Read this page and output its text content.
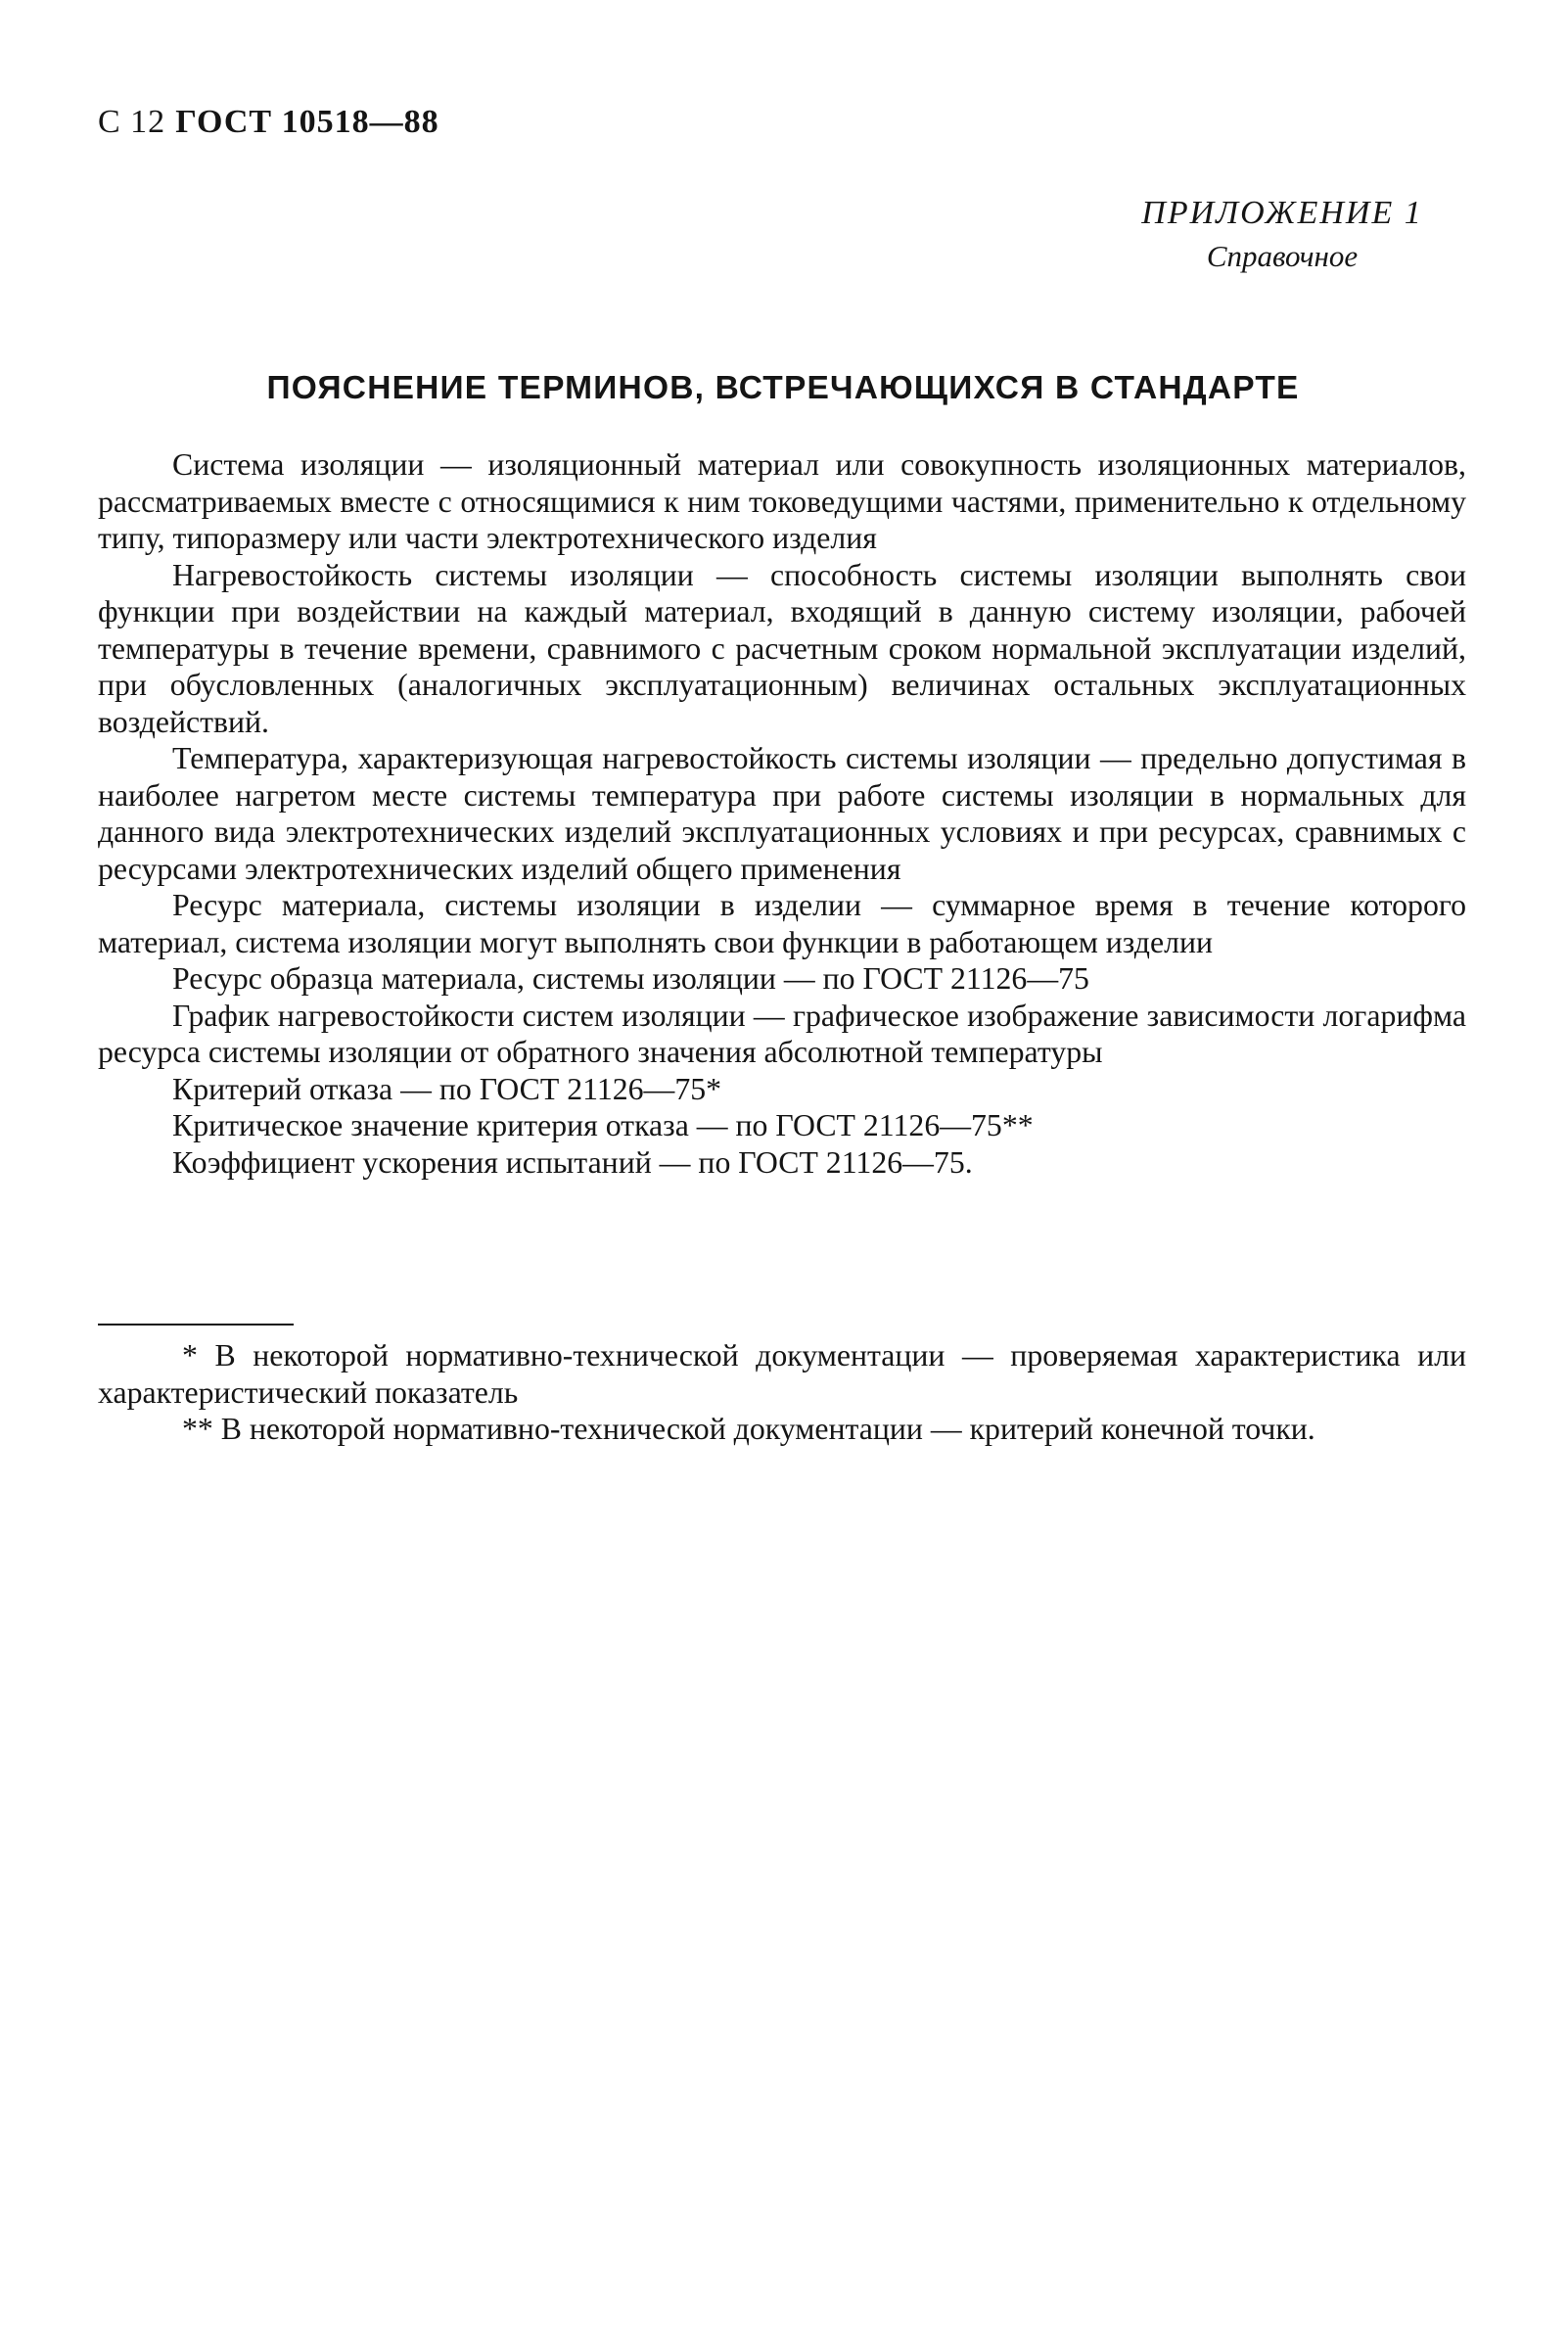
С 12 ГОСТ 10518—88
ПРИЛОЖЕНИЕ 1
Справочное
ПОЯСНЕНИЕ ТЕРМИНОВ, ВСТРЕЧАЮЩИХСЯ В СТАНДАРТЕ

Система изоляции — изоляционный материал или совокупность изоляционных материалов, рассматриваемых вместе с относящимися к ним токоведущими частями, применительно к отдельному типу, типоразмеру или части электротехнического изделия

Нагревостойкость системы изоляции — способность системы изоляции выполнять свои функции при воздействии на каждый материал, входящий в данную систему изоляции, рабочей температуры в течение времени, сравнимого с расчетным сроком нормальной эксплуатации изделий, при обусловленных (аналогичных эксплуатационным) величинах остальных эксплуатационных воздействий.

Температура, характеризующая нагревостойкость системы изоляции — предельно допустимая в наиболее нагретом месте системы температура при работе системы изоляции в нормальных для данного вида электротехнических изделий эксплуатационных условиях и при ресурсах, сравнимых с ресурсами электротехнических изделий общего применения

Ресурс материала, системы изоляции в изделии — суммарное время в течение которого материал, система изоляции могут выполнять свои функции в работающем изделии

Ресурс образца материала, системы изоляции — по ГОСТ 21126—75

График нагревостойкости систем изоляции — графическое изображение зависимости логарифма ресурса системы изоляции от обратного значения абсолютной температуры

Критерий отказа — по ГОСТ 21126—75*

Критическое значение критерия отказа — по ГОСТ 21126—75**

Коэффициент ускорения испытаний — по ГОСТ 21126—75.

* В некоторой нормативно-технической документации — проверяемая характеристика или характеристический показатель

** В некоторой нормативно-технической документации — критерий конечной точки.
